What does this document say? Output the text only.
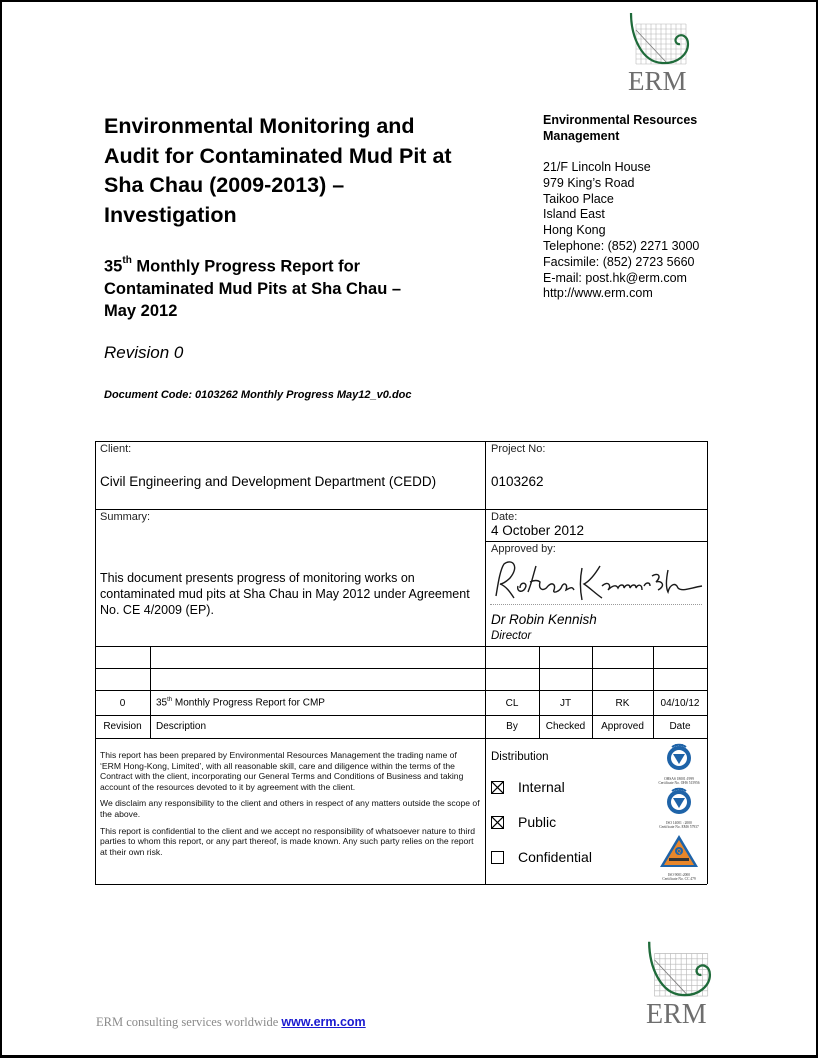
ERM
Environmental Monitoring and
Audit for Contaminated Mud Pit at
Sha Chau (2009-2013) –
Investigation
35th Monthly Progress Report for
Contaminated Mud Pits at Sha Chau –
May 2012
Revision 0
Document Code: 0103262 Monthly Progress May12_v0.doc
Environmental Resources
Management
21/F Lincoln House
979 King’s Road
Taikoo Place
Island East
Hong Kong
Telephone: (852) 2271 3000
Facsimile: (852) 2723 5660
E-mail: post.hk@erm.com
http://www.erm.com
Client:
Civil Engineering and Development Department (CEDD)
Project No:
0103262
Summary:
This document presents progress of monitoring works on contaminated mud pits at Sha Chau in May 2012 under Agreement No. CE 4/2009 (EP).
Date:
4 October 2012
Approved by:
Dr Robin Kennish
Director
0	35th Monthly Progress Report for CMP	CL	JT	RK	04/10/12
Revision	Description	By	Checked	Approved	Date

This report has been prepared by Environmental Resources Management the trading name of ‘ERM Hong-Kong, Limited’, with all reasonable skill, care and diligence within the terms of the Contract with the client, incorporating our General Terms and Conditions of Business and taking account of the resources devoted to it by agreement with the client.

We disclaim any responsibility to the client and others in respect of any matters outside the scope of the above.

This report is confidential to the client and we accept no responsibility of whatsoever nature to third parties to whom this report, or any part thereof, is made known. Any such party relies on the report at their own risk.

Distribution
Internal
Public
Confidential
BSI
OHSAS 18001:1999
Certificate No. OHS 515956
BSI
ISO 14001 : 2000
Certificate No. EMS 57937
Q
ISO 9001:2000
Certificate No. CC 479
ERM consulting services worldwide www.erm.com	ERM
